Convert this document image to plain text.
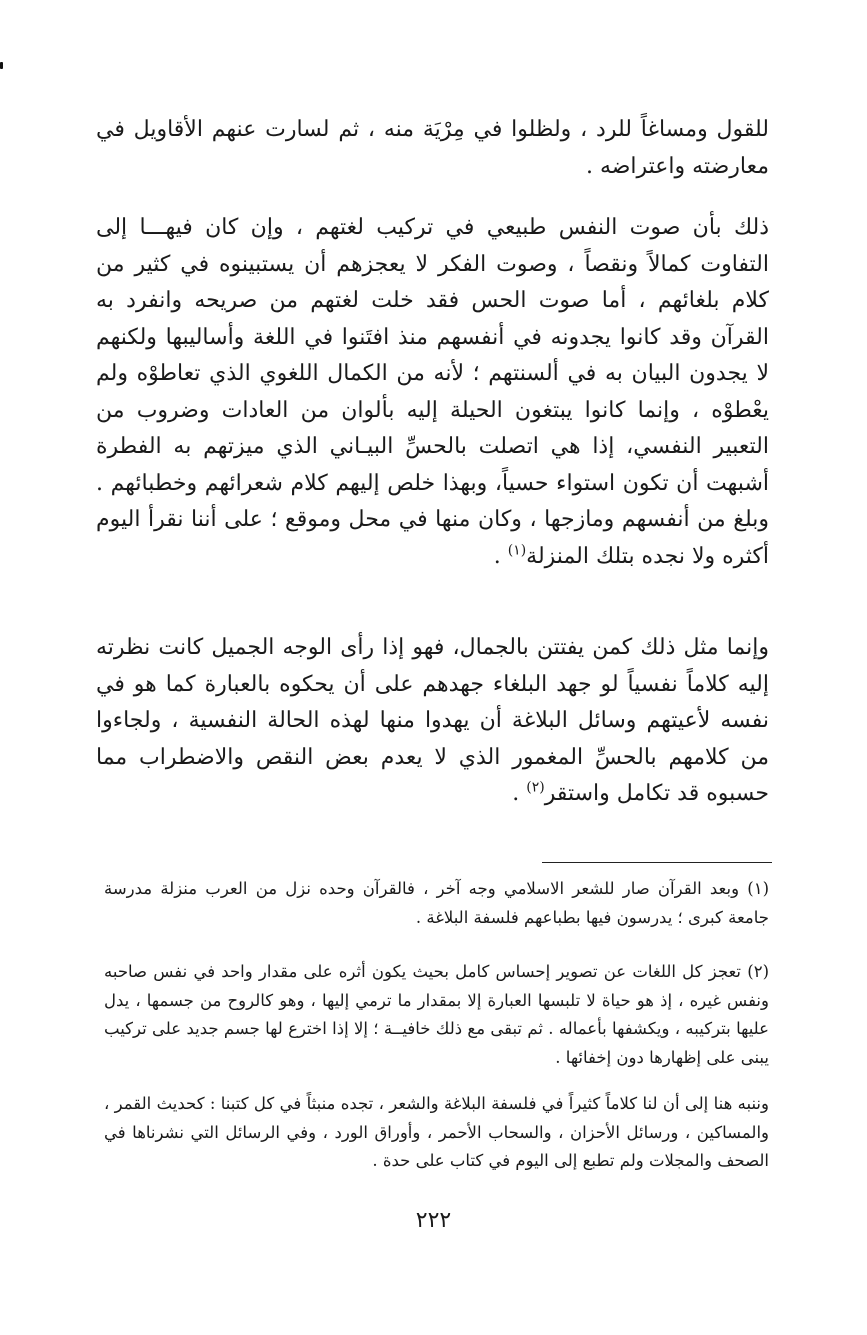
للقول ومساغاً للرد ، ولظلوا في مِرْيَة منه ، ثم لسارت عنهم الأقاويل في معارضته واعتراضه .

ذلك بأن صوت النفس طبيعي في تركيب لغتهم ، وإن كان فيهـــا إلى التفاوت كمالاً ونقصاً ، وصوت الفكر لا يعجزهم أن يستبينوه في كثير من كلام بلغائهم ، أما صوت الحس فقد خلت لغتهم من صريحه وانفرد به القرآن وقد كانوا يجدونه في أنفسهم منذ افتَنوا في اللغة وأساليبها ولكنهم لا يجدون البيان به في ألسنتهم ؛ لأنه من الكمال اللغوي الذي تعاطوْه ولم يعْطوْه ، وإنما كانوا يبتغون الحيلة إليه بألوان من العادات وضروب من التعبير النفسي، إذا هي اتصلت بالحسِّ البيـاني الذي ميزتهم به الفطرة أشبهت أن تكون استواء حسياً، وبهذا خلص إليهم كلام شعرائهم وخطبائهم . وبلغ من أنفسهم ومازجها ، وكان منها في محل وموقع ؛ على أننا نقرأ اليوم أكثره ولا نجده بتلك المنزلة$^{(١)}$ .

وإنما مثل ذلك كمن يفتتن بالجمال، فهو إذا رأى الوجه الجميل كانت نظرته إليه كلاماً نفسياً لو جهد البلغاء جهدهم على أن يحكوه بالعبارة كما هو في نفسه لأعيتهم وسائل البلاغة أن يهدوا منها لهذه الحالة النفسية ، ولجاءوا من كلامهم بالحسِّ المغمور الذي لا يعدم بعض النقص والاضطراب مما حسبوه قد تكامل واستقر$^{(٢)}$ .

(١) وبعد القرآن صار للشعر الاسلامي وجه آخر ، فالقرآن وحده نزل من العرب منزلة مدرسة جامعة كبرى ؛ يدرسون فيها بطباعهم فلسفة البلاغة .

(٢) تعجز كل اللغات عن تصوير إحساس كامل بحيث يكون أثره على مقدار واحد في نفس صاحبه ونفس غيره ، إذ هو حياة لا تلبسها العبارة إلا بمقدار ما ترمي إليها ، وهو كالروح من جسمها ، يدل عليها بتركيبه ، ويكشفها بأعماله . ثم تبقى مع ذلك خافيــة ؛ إلا إذا اخترع لها جسم جديد على تركيب يبنى على إظهارها دون إخفائها .

وننبه هنا إلى أن لنا كلاماً كثيراً في فلسفة البلاغة والشعر ، تجده منبثاً في كل كتبنا : كحديث القمر ، والمساكين ، ورسائل الأحزان ، والسحاب الأحمر ، وأوراق الورد ، وفي الرسائل التي نشرناها في الصحف والمجلات ولم تطبع إلى اليوم في كتاب على حدة .

٢٢٢
